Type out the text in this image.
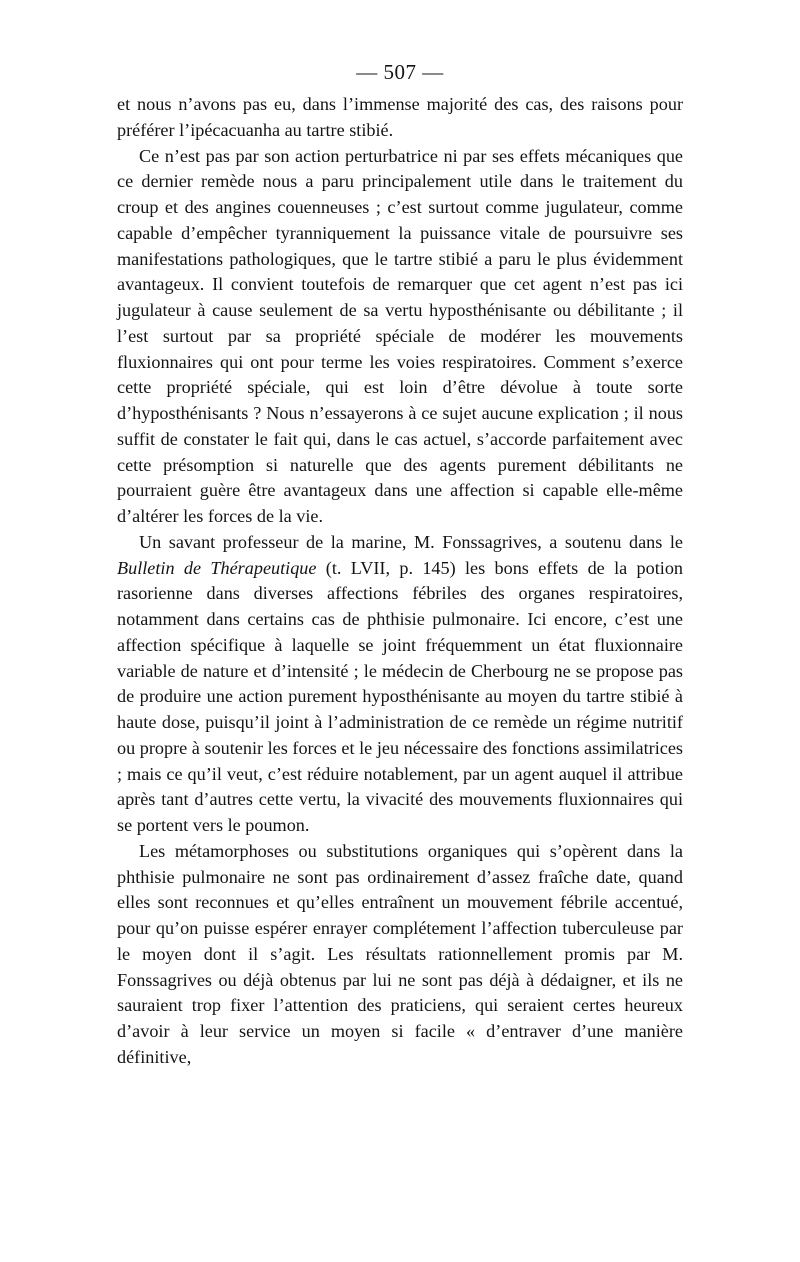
— 507 —

et nous n’avons pas eu, dans l’immense majorité des cas, des raisons pour préférer l’ipécacuanha au tartre stibié.

Ce n’est pas par son action perturbatrice ni par ses effets mécaniques que ce dernier remède nous a paru principalement utile dans le traitement du croup et des angines couenneuses ; c’est surtout comme jugulateur, comme capable d’empêcher tyranniquement la puissance vitale de poursuivre ses manifestations pathologiques, que le tartre stibié a paru le plus évidemment avantageux. Il convient toutefois de remarquer que cet agent n’est pas ici jugulateur à cause seulement de sa vertu hyposthénisante ou débilitante ; il l’est surtout par sa propriété spéciale de modérer les mouvements fluxionnaires qui ont pour terme les voies respiratoires. Comment s’exerce cette propriété spéciale, qui est loin d’être dévolue à toute sorte d’hyposthénisants ? Nous n’essayerons à ce sujet aucune explication ; il nous suffit de constater le fait qui, dans le cas actuel, s’accorde parfaitement avec cette présomption si naturelle que des agents purement débilitants ne pourraient guère être avantageux dans une affection si capable elle-même d’altérer les forces de la vie.

Un savant professeur de la marine, M. Fonssagrives, a soutenu dans le Bulletin de Thérapeutique (t. LVII, p. 145) les bons effets de la potion rasorienne dans diverses affections fébriles des organes respiratoires, notamment dans certains cas de phthisie pulmonaire. Ici encore, c’est une affection spécifique à laquelle se joint fréquemment un état fluxionnaire variable de nature et d’intensité ; le médecin de Cherbourg ne se propose pas de produire une action purement hyposthénisante au moyen du tartre stibié à haute dose, puisqu’il joint à l’administration de ce remède un régime nutritif ou propre à soutenir les forces et le jeu nécessaire des fonctions assimilatrices ; mais ce qu’il veut, c’est réduire notablement, par un agent auquel il attribue après tant d’autres cette vertu, la vivacité des mouvements fluxionnaires qui se portent vers le poumon.

Les métamorphoses ou substitutions organiques qui s’opèrent dans la phthisie pulmonaire ne sont pas ordinairement d’assez fraîche date, quand elles sont reconnues et qu’elles entraînent un mouvement fébrile accentué, pour qu’on puisse espérer enrayer complétement l’affection tuberculeuse par le moyen dont il s’agit. Les résultats rationnellement promis par M. Fonssagrives ou déjà obtenus par lui ne sont pas déjà à dédaigner, et ils ne sauraient trop fixer l’attention des praticiens, qui seraient certes heureux d’avoir à leur service un moyen si facile « d’entraver d’une manière définitive,
